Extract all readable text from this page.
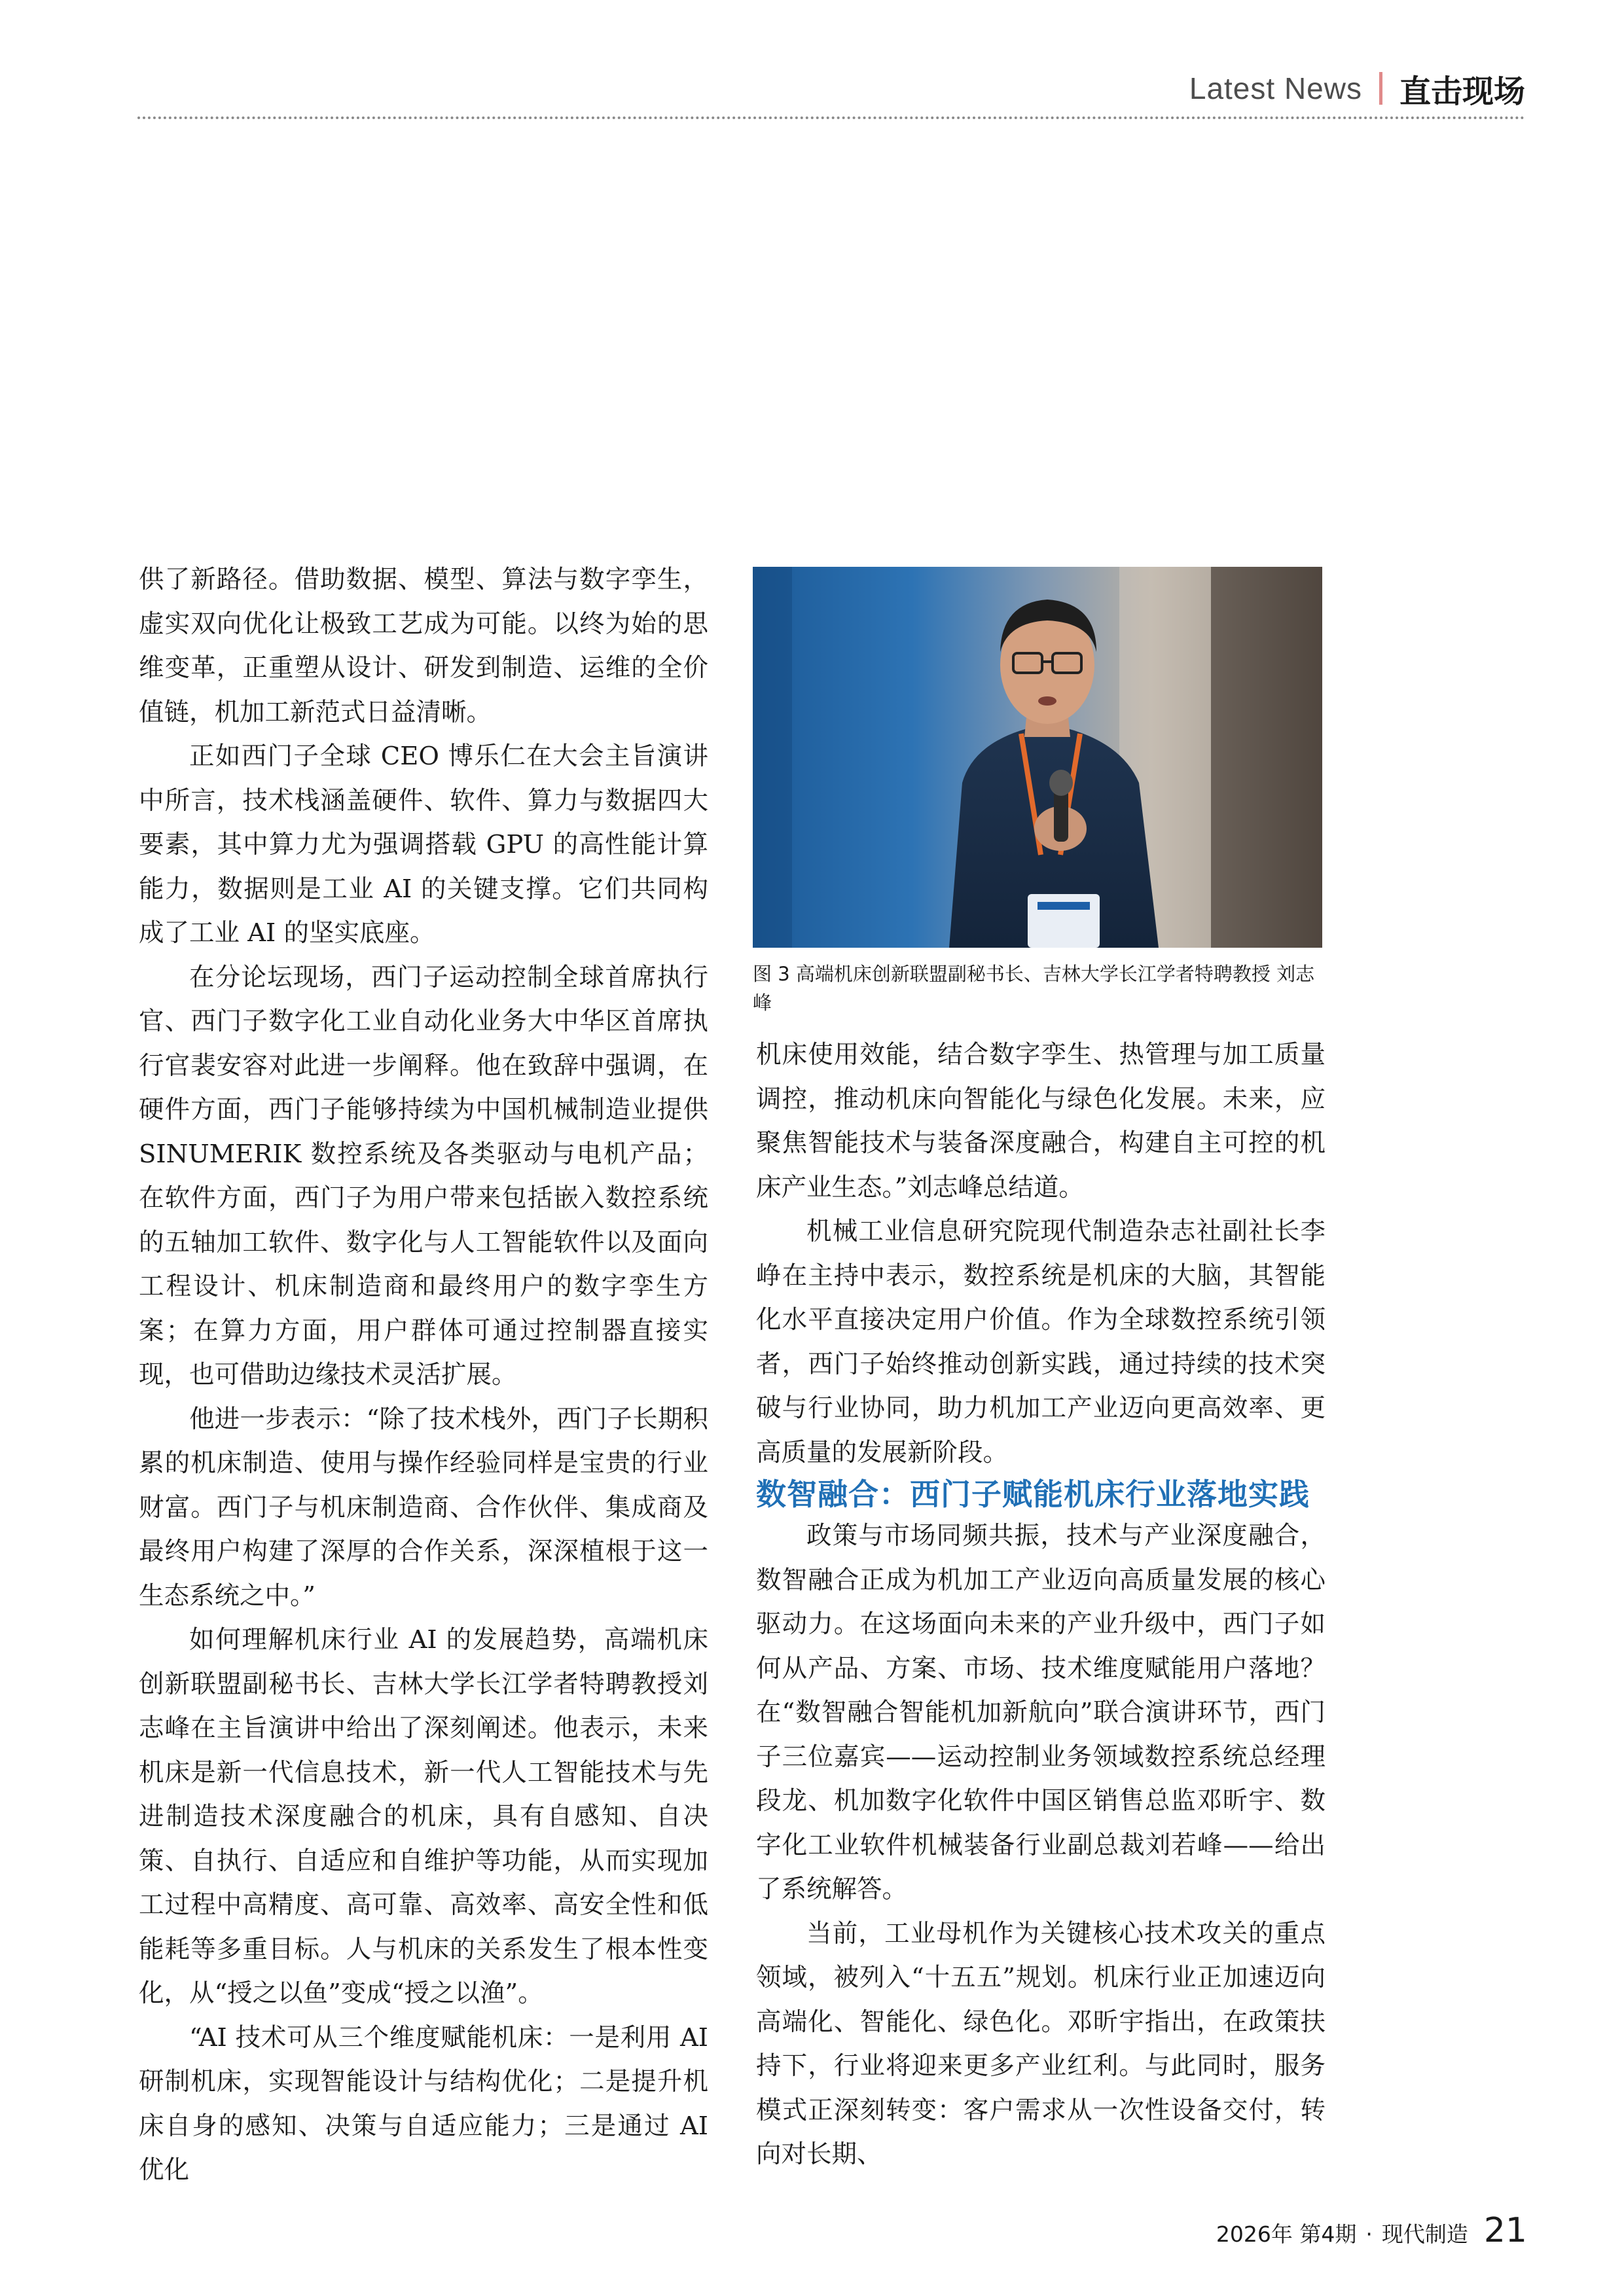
Latest News 直击现场

供了新路径。借助数据、模型、算法与数字孪生，虚实双向优化让极致工艺成为可能。以终为始的思维变革，正重塑从设计、研发到制造、运维的全价值链，机加工新范式日益清晰。

正如西门子全球 CEO 博乐仁在大会主旨演讲中所言，技术栈涵盖硬件、软件、算力与数据四大要素，其中算力尤为强调搭载 GPU 的高性能计算能力，数据则是工业 AI 的关键支撑。它们共同构成了工业 AI 的坚实底座。

在分论坛现场，西门子运动控制全球首席执行官、西门子数字化工业自动化业务大中华区首席执行官裴安容对此进一步阐释。他在致辞中强调，在硬件方面，西门子能够持续为中国机械制造业提供 SINUMERIK 数控系统及各类驱动与电机产品；在软件方面，西门子为用户带来包括嵌入数控系统的五轴加工软件、数字化与人工智能软件以及面向工程设计、机床制造商和最终用户的数字孪生方案；在算力方面，用户群体可通过控制器直接实现，也可借助边缘技术灵活扩展。

他进一步表示：“除了技术栈外，西门子长期积累的机床制造、使用与操作经验同样是宝贵的行业财富。西门子与机床制造商、合作伙伴、集成商及最终用户构建了深厚的合作关系，深深植根于这一生态系统之中。”

如何理解机床行业 AI 的发展趋势，高端机床创新联盟副秘书长、吉林大学长江学者特聘教授刘志峰在主旨演讲中给出了深刻阐述。他表示，未来机床是新一代信息技术，新一代人工智能技术与先进制造技术深度融合的机床，具有自感知、自决策、自执行、自适应和自维护等功能，从而实现加工过程中高精度、高可靠、高效率、高安全性和低能耗等多重目标。人与机床的关系发生了根本性变化，从“授之以鱼”变成“授之以渔”。

“AI 技术可从三个维度赋能机床：一是利用 AI 研制机床，实现智能设计与结构优化；二是提升机床自身的感知、决策与自适应能力；三是通过 AI 优化

图 3 高端机床创新联盟副秘书长、吉林大学长江学者特聘教授 刘志峰

机床使用效能，结合数字孪生、热管理与加工质量调控，推动机床向智能化与绿色化发展。未来，应聚焦智能技术与装备深度融合，构建自主可控的机床产业生态。”刘志峰总结道。

机械工业信息研究院现代制造杂志社副社长李峥在主持中表示，数控系统是机床的大脑，其智能化水平直接决定用户价值。作为全球数控系统引领者，西门子始终推动创新实践，通过持续的技术突破与行业协同，助力机加工产业迈向更高效率、更高质量的发展新阶段。

数智融合：西门子赋能机床行业落地实践

政策与市场同频共振，技术与产业深度融合，数智融合正成为机加工产业迈向高质量发展的核心驱动力。在这场面向未来的产业升级中，西门子如何从产品、方案、市场、技术维度赋能用户落地？在“数智融合智能机加新航向”联合演讲环节，西门子三位嘉宾——运动控制业务领域数控系统总经理段龙、机加数字化软件中国区销售总监邓昕宇、数字化工业软件机械装备行业副总裁刘若峰——给出了系统解答。

当前，工业母机作为关键核心技术攻关的重点领域，被列入“十五五”规划。机床行业正加速迈向高端化、智能化、绿色化。邓昕宇指出，在政策扶持下，行业将迎来更多产业红利。与此同时，服务模式正深刻转变：客户需求从一次性设备交付，转向对长期、

2026年 第4期 · 现代制造 21
